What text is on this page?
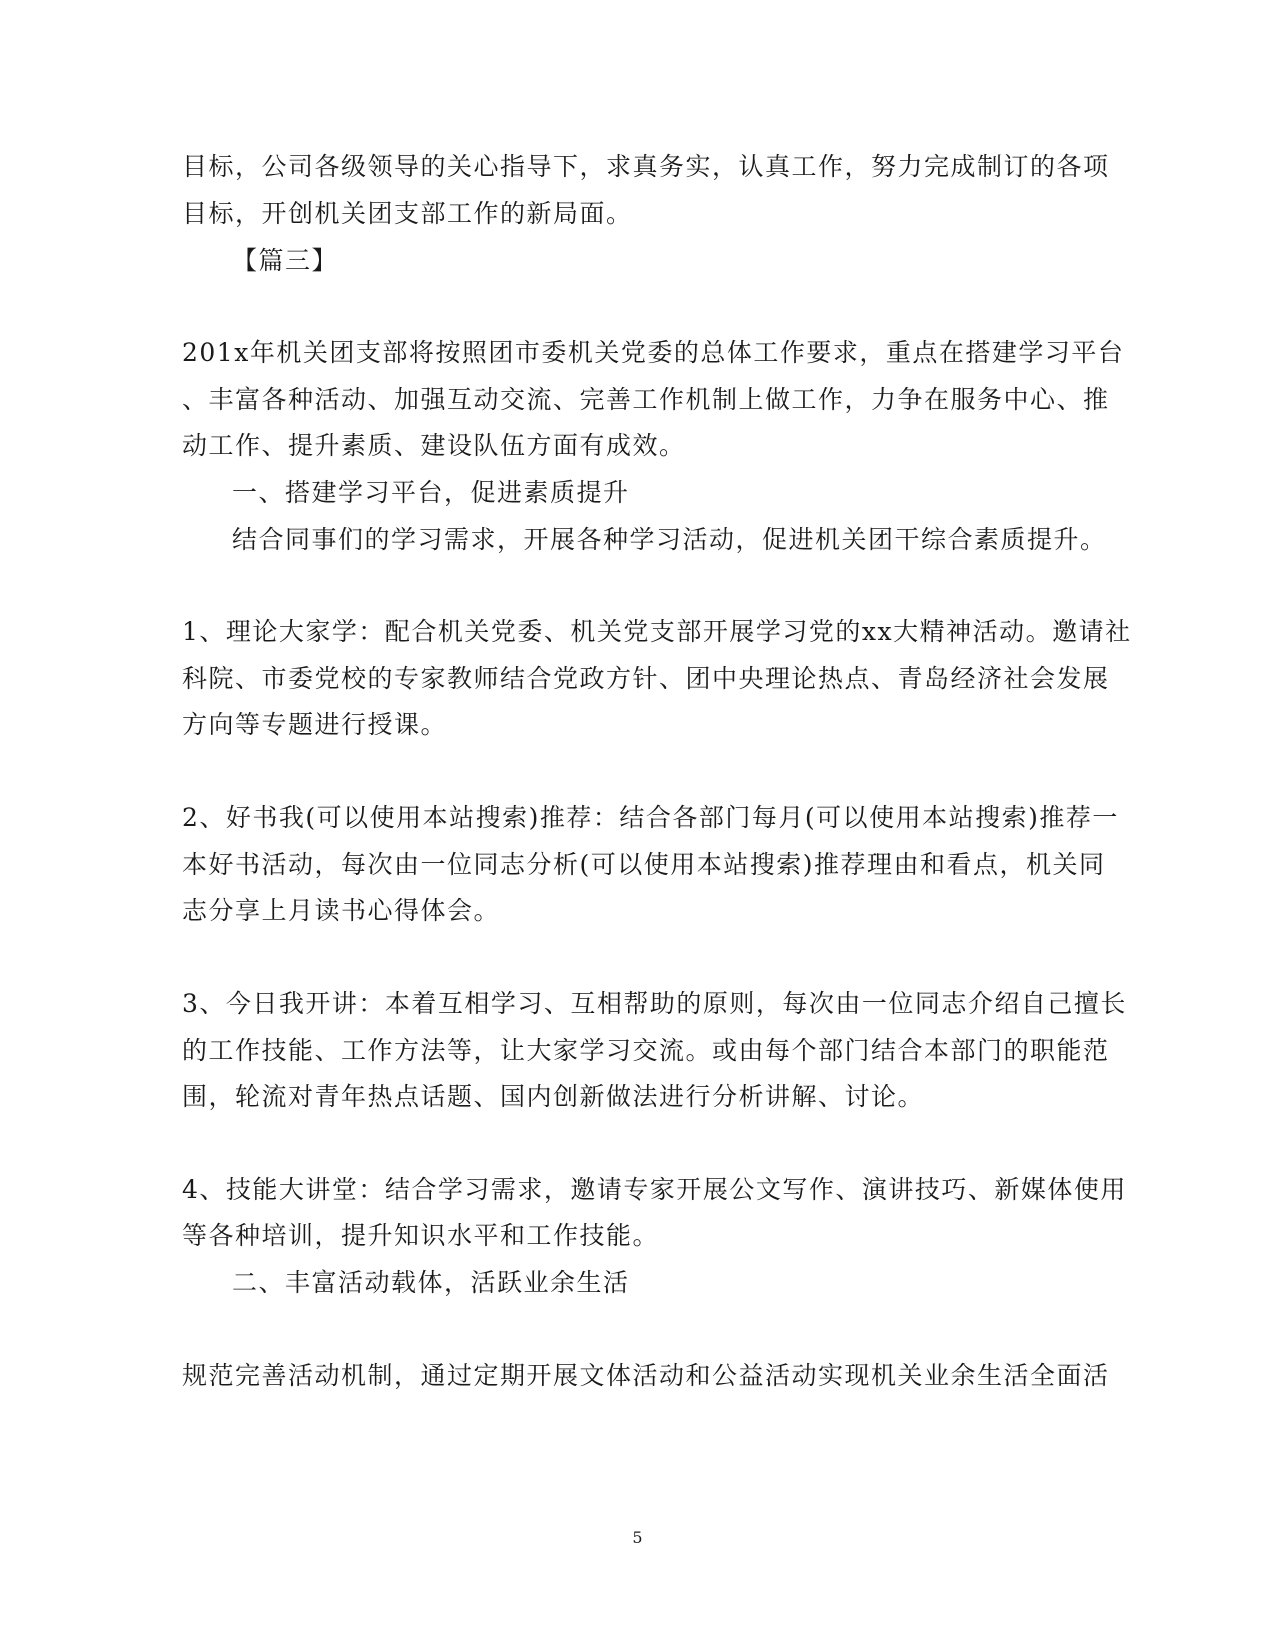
目标，公司各级领导的关心指导下，求真务实，认真工作，努力完成制订的各项
目标，开创机关团支部工作的新局面。
【篇三】
201x年机关团支部将按照团市委机关党委的总体工作要求，重点在搭建学习平台
、丰富各种活动、加强互动交流、完善工作机制上做工作，力争在服务中心、推
动工作、提升素质、建设队伍方面有成效。
一、搭建学习平台，促进素质提升
结合同事们的学习需求，开展各种学习活动，促进机关团干综合素质提升。
1、理论大家学：配合机关党委、机关党支部开展学习党的xx大精神活动。邀请社
科院、市委党校的专家教师结合党政方针、团中央理论热点、青岛经济社会发展
方向等专题进行授课。
2、好书我(可以使用本站搜索)推荐：结合各部门每月(可以使用本站搜索)推荐一
本好书活动，每次由一位同志分析(可以使用本站搜索)推荐理由和看点，机关同
志分享上月读书心得体会。
3、今日我开讲：本着互相学习、互相帮助的原则，每次由一位同志介绍自己擅长
的工作技能、工作方法等，让大家学习交流。或由每个部门结合本部门的职能范
围，轮流对青年热点话题、国内创新做法进行分析讲解、讨论。
4、技能大讲堂：结合学习需求，邀请专家开展公文写作、演讲技巧、新媒体使用
等各种培训，提升知识水平和工作技能。
二、丰富活动载体，活跃业余生活
规范完善活动机制，通过定期开展文体活动和公益活动实现机关业余生活全面活
5
